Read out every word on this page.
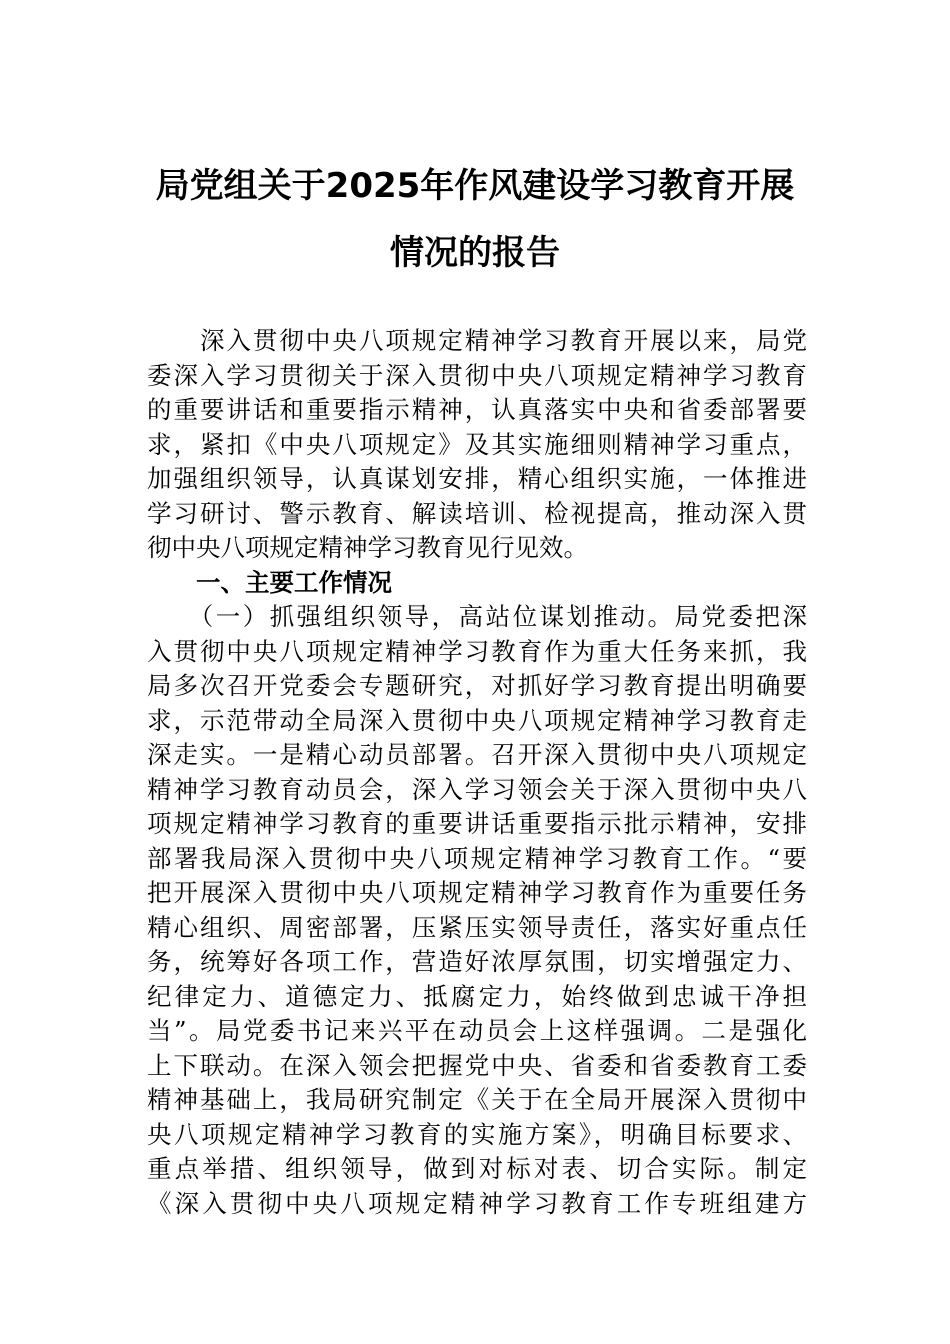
局党组关于2025年作风建设学习教育开展
情况的报告
　　深入贯彻中央八项规定精神学习教育开展以来，局党
委深入学习贯彻关于深入贯彻中央八项规定精神学习教育
的重要讲话和重要指示精神，认真落实中央和省委部署要
求，紧扣《中央八项规定》及其实施细则精神学习重点，
加强组织领导，认真谋划安排，精心组织实施，一体推进
学习研讨、警示教育、解读培训、检视提高，推动深入贯
彻中央八项规定精神学习教育见行见效。
　　一、主要工作情况
　　（一）抓强组织领导，高站位谋划推动。局党委把深
入贯彻中央八项规定精神学习教育作为重大任务来抓，我
局多次召开党委会专题研究，对抓好学习教育提出明确要
求，示范带动全局深入贯彻中央八项规定精神学习教育走
深走实。一是精心动员部署。召开深入贯彻中央八项规定
精神学习教育动员会，深入学习领会关于深入贯彻中央八
项规定精神学习教育的重要讲话重要指示批示精神，安排
部署我局深入贯彻中央八项规定精神学习教育工作。“要
把开展深入贯彻中央八项规定精神学习教育作为重要任务
精心组织、周密部署，压紧压实领导责任，落实好重点任
务，统筹好各项工作，营造好浓厚氛围，切实增强定力、
纪律定力、道德定力、抵腐定力，始终做到忠诚干净担
当”。局党委书记来兴平在动员会上这样强调。二是强化
上下联动。在深入领会把握党中央、省委和省委教育工委
精神基础上，我局研究制定《关于在全局开展深入贯彻中
央八项规定精神学习教育的实施方案》，明确目标要求、
重点举措、组织领导，做到对标对表、切合实际。制定
《深入贯彻中央八项规定精神学习教育工作专班组建方
